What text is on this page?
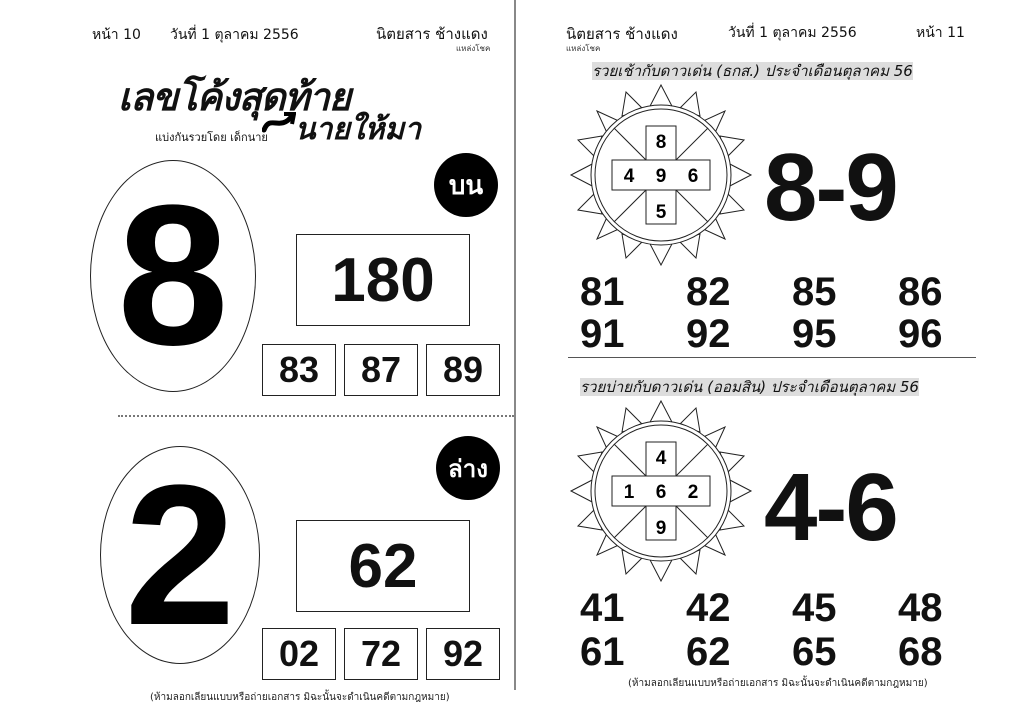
หน้า 10 วันที่ 1 ตุลาคม 2556	นิตยสาร ช้างแดง
แหล่งโชค
เลขโค้งสุดท้าย
แบ่งกันรวยโดย เด็กนาย นายให้มา
8	บน
180
83	87	89
2	ล่าง
62
02	72	92
(ห้ามลอกเลียนแบบหรือถ่ายเอกสาร มิฉะนั้นจะดำเนินคดีตามกฎหมาย)
นิตยสาร ช้างแดง
แหล่งโชค
วันที่ 1 ตุลาคม 2556	หน้า 11
รวยเช้ากับดาวเด่น (ธกส.) ประจำเดือนตุลาคม 56
8
4 9 6
5 8-9
81 82 85 86
91 92 95 96
รวยบ่ายกับดาวเด่น (ออมสิน) ประจำเดือนตุลาคม 56
4
1 6 2
9 4-6
41 42 45 48
61 62 65 68
(ห้ามลอกเลียนแบบหรือถ่ายเอกสาร มิฉะนั้นจะดำเนินคดีตามกฎหมาย)
